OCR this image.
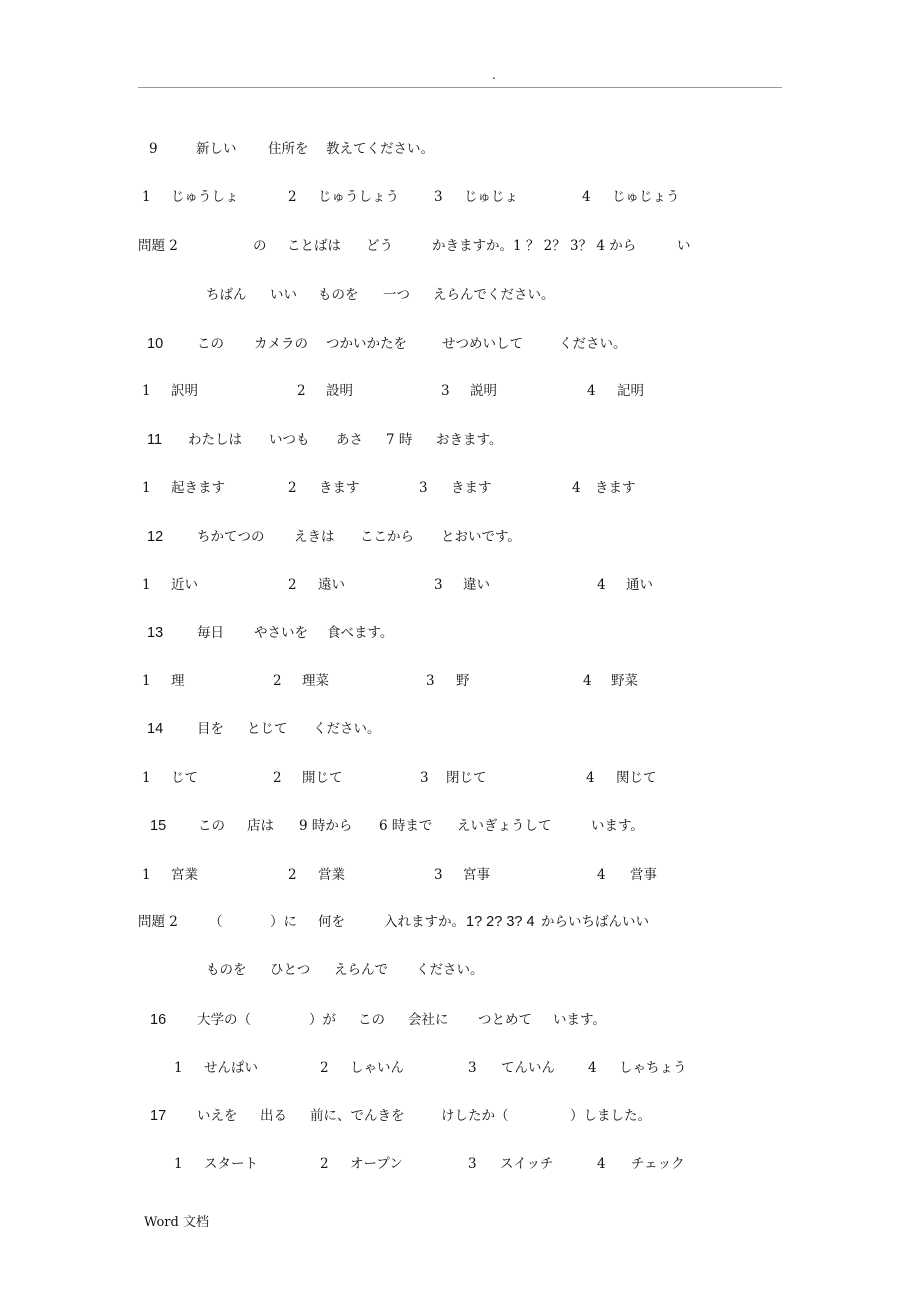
.
9	新しい 住所を 教えてください。
1 じゅうしょ	2 じゅうしょう	3 じゅじょ	4 じゅじょう
問題 2	の ことばは どう	かきますか。1 ？ 2？ 3？ 4 から	い
ちばん いい ものを 一つ えらんでください。
10	この カメラの つかいかたを	せつめいして	ください。
1 訳明	2 設明	3 説明	4 記明
11 わたしは いつも あさ 7 時 おきます。
1 起きます	2 きます	3 きます	4 きます
12	ちかてつの えきは ここから とおいです。
1 近い	2 遠い	3 違い	4 通い
13	毎日 やさいを 食べます。
1 理	2 理菜	3 野	4 野菜
14	目を とじて ください。
1 じて	2 開じて	3 閉じて	4 関じて
15 この 店は 9 時から 6 時まで えいぎょうして	います。
1 宮業	2 営業	3 宮事	4 営事
問題 2 （	）に 何を	入れますか。 1? 2? 3? 4 からいちばんいい
ものを ひとつ えらんで ください。
16 大学の（	）が この 会社に つとめて います。
1 せんぱい	2 しゃいん	3 てんいん 4 しゃちょう
17 いえを 出る 前に、でんきを	けしたか（	）しました。
1 スタート	2 オープン	3 スイッチ	4 チェック
Word 文档
